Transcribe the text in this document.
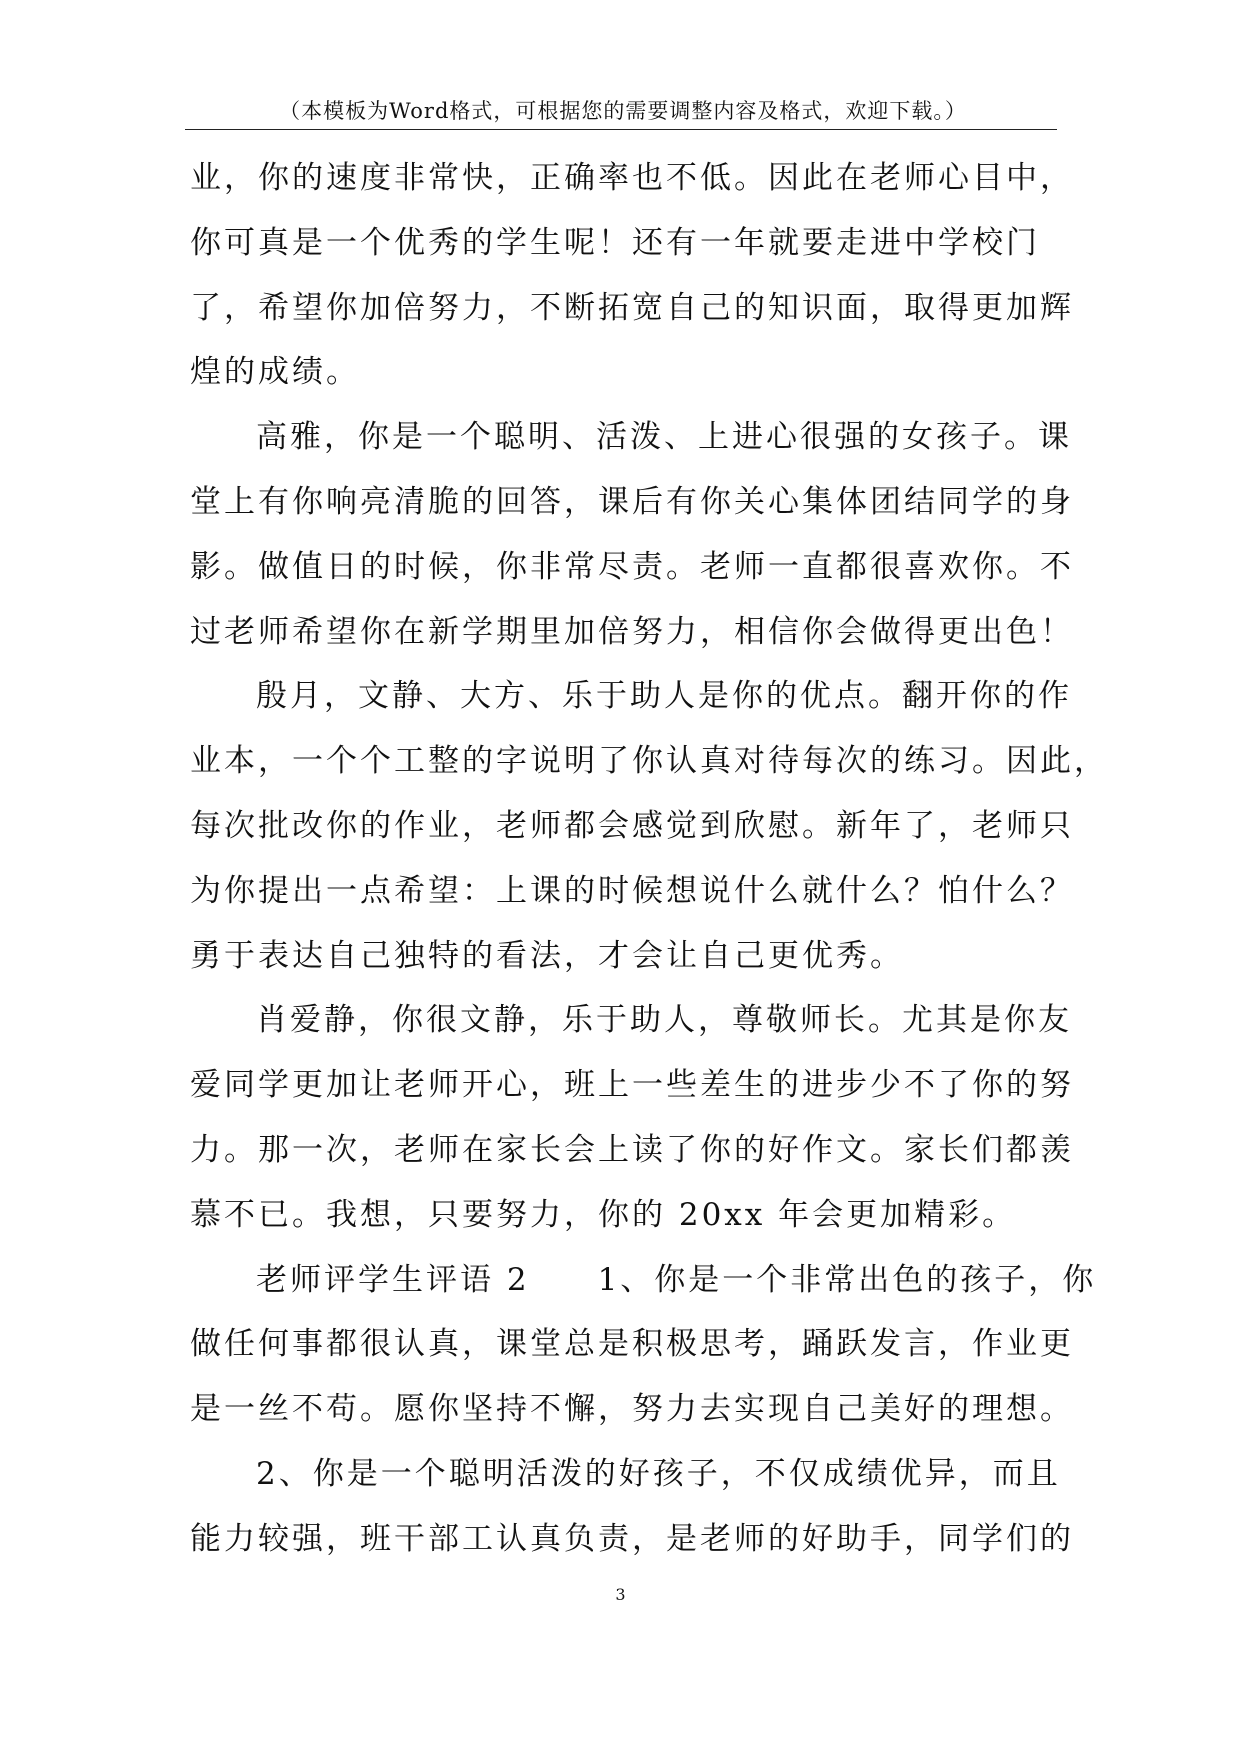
（本模板为Word格式，可根据您的需要调整内容及格式，欢迎下载。）
业，你的速度非常快，正确率也不低。因此在老师心目中，
你可真是一个优秀的学生呢！还有一年就要走进中学校门
了，希望你加倍努力，不断拓宽自己的知识面，取得更加辉
煌的成绩。
高雅，你是一个聪明、活泼、上进心很强的女孩子。课
堂上有你响亮清脆的回答，课后有你关心集体团结同学的身
影。做值日的时候，你非常尽责。老师一直都很喜欢你。不
过老师希望你在新学期里加倍努力，相信你会做得更出色！
殷月，文静、大方、乐于助人是你的优点。翻开你的作
业本，一个个工整的字说明了你认真对待每次的练习。因此，
每次批改你的作业，老师都会感觉到欣慰。新年了，老师只
为你提出一点希望：上课的时候想说什么就什么？怕什么？
勇于表达自己独特的看法，才会让自己更优秀。
肖爱静，你很文静，乐于助人，尊敬师长。尤其是你友
爱同学更加让老师开心，班上一些差生的进步少不了你的努
力。那一次，老师在家长会上读了你的好作文。家长们都羡
慕不已。我想，只要努力，你的 20xx 年会更加精彩。
老师评学生评语 2　　1、你是一个非常出色的孩子，你
做任何事都很认真，课堂总是积极思考，踊跃发言，作业更
是一丝不苟。愿你坚持不懈，努力去实现自己美好的理想。
2、你是一个聪明活泼的好孩子，不仅成绩优异，而且
能力较强，班干部工认真负责，是老师的好助手，同学们的
3
